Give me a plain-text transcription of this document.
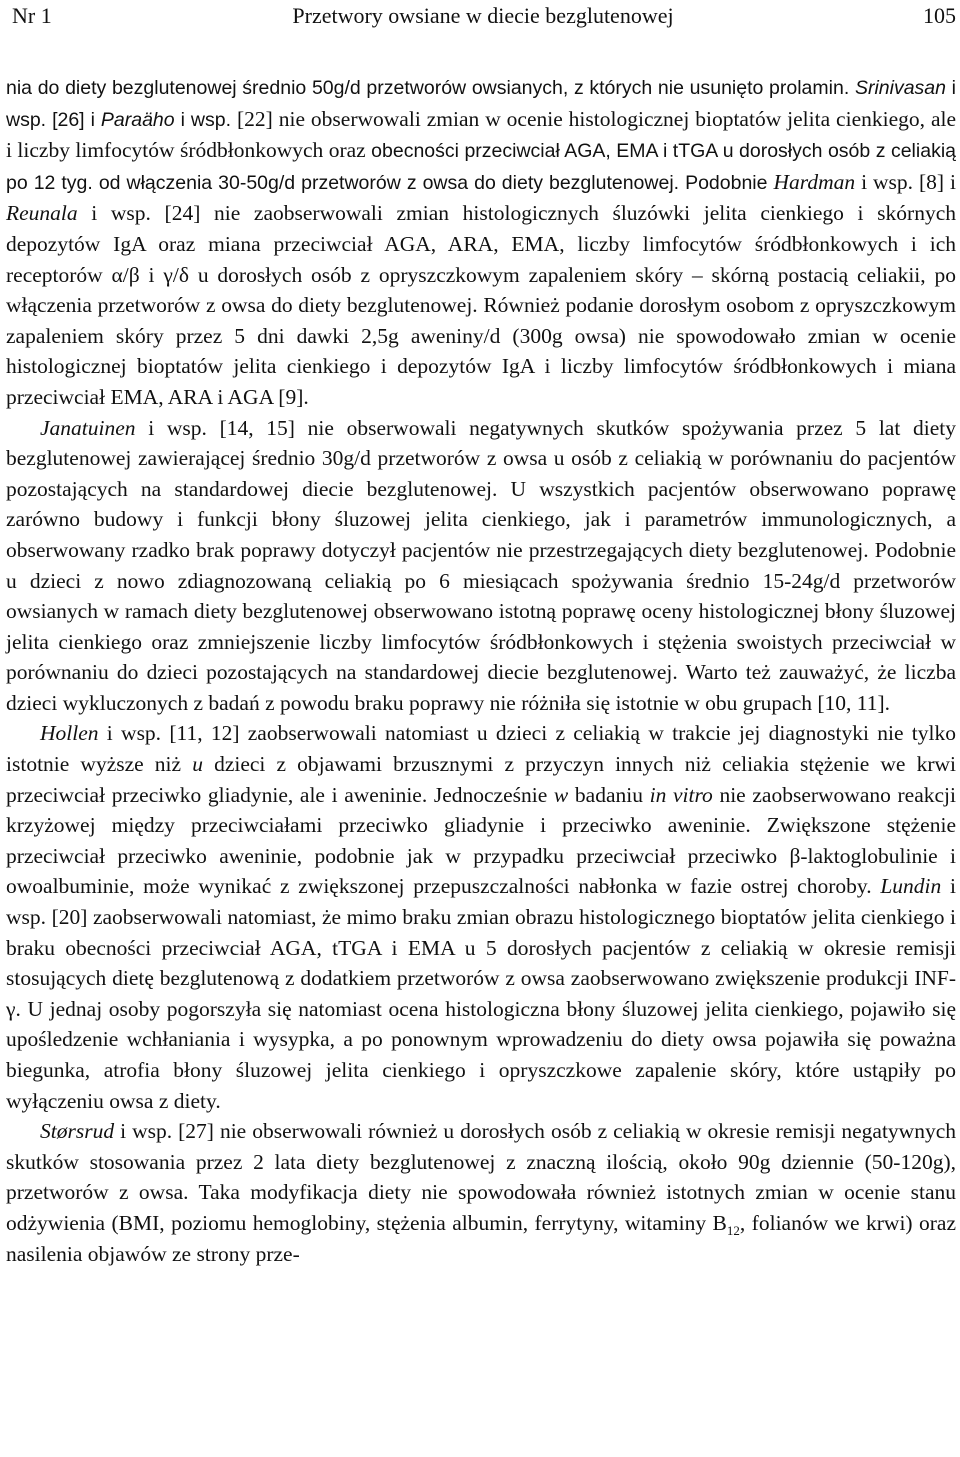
Nr 1	Przetwory owsiane w diecie bezglutenowej	105

nia do diety bezglutenowej średnio 50g/d przetworów owsianych, z których nie usunięto prolamin. Srinivasan i wsp. [26] i Paraäho i wsp. [22] nie obserwowali zmian w ocenie histologicznej bioptatów jelita cienkiego, ale i liczby limfocytów śródbłonkowych oraz obecności przeciwciał AGA, EMA i tTGA u dorosłych osób z celiakią po 12 tyg. od włączenia 30-50g/d przetworów z owsa do diety bezglutenowej. Podobnie Hardman i wsp. [8] i Reunala i wsp. [24] nie zaobserwowali zmian histologicznych śluzówki jelita cienkiego i skórnych depozytów IgA oraz miana przeciwciał AGA, ARA, EMA, liczby limfocytów śródbłonkowych i ich receptorów α/β i γ/δ u dorosłych osób z opryszczkowym zapaleniem skóry – skórną postacią celiakii, po włączenia przetworów z owsa do diety bezglutenowej. Również podanie dorosłym osobom z opryszczkowym zapaleniem skóry przez 5 dni dawki 2,5g aweniny/d (300g owsa) nie spowodowało zmian w ocenie histologicznej bioptatów jelita cienkiego i depozytów IgA i liczby limfocytów śródbłonkowych i miana przeciwciał EMA, ARA i AGA [9].

Janatuinen i wsp. [14, 15] nie obserwowali negatywnych skutków spożywania przez 5 lat diety bezglutenowej zawierającej średnio 30g/d przetworów z owsa u osób z celiakią w porównaniu do pacjentów pozostających na standardowej diecie bezglutenowej. U wszystkich pacjentów obserwowano poprawę zarówno budowy i funkcji błony śluzowej jelita cienkiego, jak i parametrów immunologicznych, a obserwowany rzadko brak poprawy dotyczył pacjentów nie przestrzegających diety bezglutenowej. Podobnie u dzieci z nowo zdiagnozowaną celiakią po 6 miesiącach spożywania średnio 15-24g/d przetworów owsianych w ramach diety bezglutenowej obserwowano istotną poprawę oceny histologicznej błony śluzowej jelita cienkiego oraz zmniejszenie liczby limfocytów śródbłonkowych i stężenia swoistych przeciwciał w porównaniu do dzieci pozostających na standardowej diecie bezglutenowej. Warto też zauważyć, że liczba dzieci wykluczonych z badań z powodu braku poprawy nie różniła się istotnie w obu grupach [10, 11].

Hollen i wsp. [11, 12] zaobserwowali natomiast u dzieci z celiakią w trakcie jej diagnostyki nie tylko istotnie wyższe niż u dzieci z objawami brzusznymi z przyczyn innych niż celiakia stężenie we krwi przeciwciał przeciwko gliadynie, ale i aweninie. Jednocześnie w badaniu in vitro nie zaobserwowano reakcji krzyżowej między przeciwciałami przeciwko gliadynie i przeciwko aweninie. Zwiększone stężenie przeciwciał przeciwko aweninie, podobnie jak w przypadku przeciwciał przeciwko β-laktoglobulinie i owoalbuminie, może wynikać z zwiększonej przepuszczalności nabłonka w fazie ostrej choroby. Lundin i wsp. [20] zaobserwowali natomiast, że mimo braku zmian obrazu histologicznego bioptatów jelita cienkiego i braku obecności przeciwciał AGA, tTGA i EMA u 5 dorosłych pacjentów z celiakią w okresie remisji stosujących dietę bezglutenową z dodatkiem przetworów z owsa zaobserwowano zwiększenie produkcji INF-γ. U jednaj osoby pogorszyła się natomiast ocena histologiczna błony śluzowej jelita cienkiego, pojawiło się upośledzenie wchłaniania i wysypka, a po ponownym wprowadzeniu do diety owsa pojawiła się poważna biegunka, atrofia błony śluzowej jelita cienkiego i opryszczkowe zapalenie skóry, które ustąpiły po wyłączeniu owsa z diety.

Størsrud i wsp. [27] nie obserwowali również u dorosłych osób z celiakią w okresie remisji negatywnych skutków stosowania przez 2 lata diety bezglutenowej z znaczną ilością, około 90g dziennie (50-120g), przetworów z owsa. Taka modyfikacja diety nie spowodowała również istotnych zmian w ocenie stanu odżywienia (BMI, poziomu hemoglobiny, stężenia albumin, ferrytyny, witaminy $B_{12}$, folianów we krwi) oraz nasilenia objawów ze strony prze-
